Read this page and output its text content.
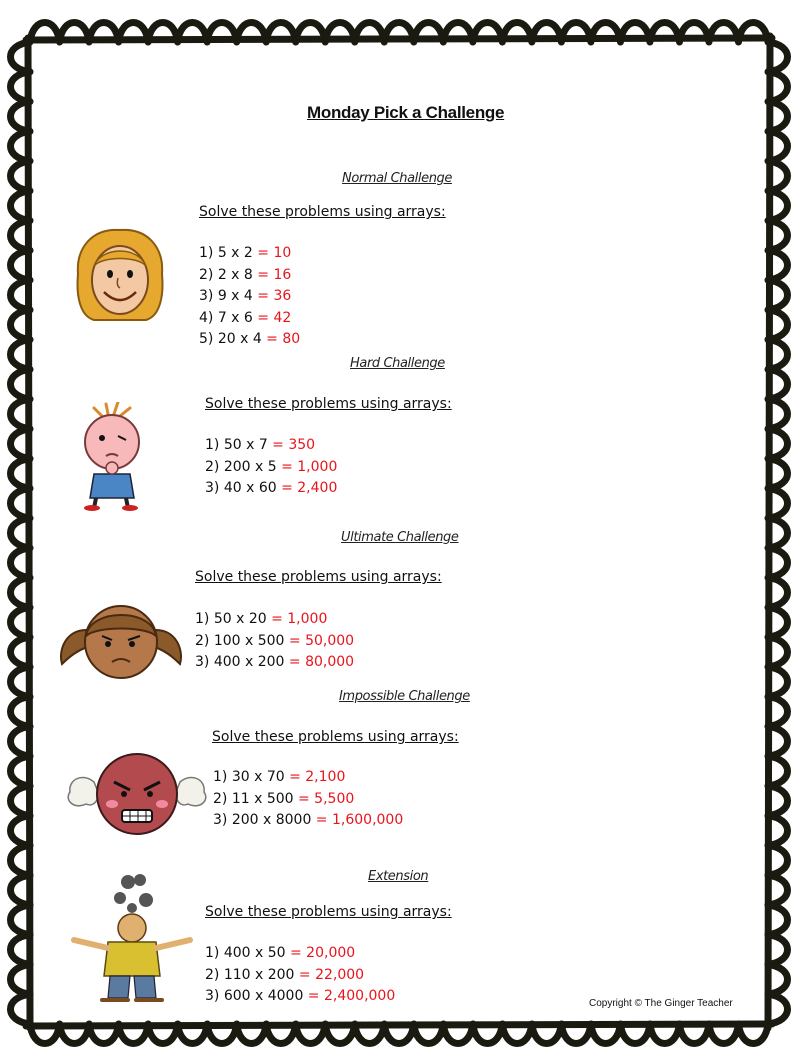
Monday Pick a Challenge
Normal Challenge
Solve these problems using arrays:
1) 5 x 2 = 10
2) 2 x 8 = 16
3) 9 x 4 = 36
4) 7 x 6 = 42
5) 20 x 4 = 80
Hard Challenge
Solve these problems using arrays:
1) 50 x 7 = 350
2) 200 x 5 = 1,000
3) 40 x 60 = 2,400
Ultimate Challenge
Solve these problems using arrays:
1) 50 x 20 = 1,000
2) 100 x 500 = 50,000
3) 400 x 200 = 80,000
Impossible Challenge
Solve these problems using arrays:
1) 30 x 70 = 2,100
2) 11 x 500 = 5,500
3) 200 x 8000 = 1,600,000
Extension
Solve these problems using arrays:
1) 400 x 50 = 20,000
2) 110 x 200 = 22,000
3) 600 x 4000 = 2,400,000	Copyright © The Ginger Teacher
